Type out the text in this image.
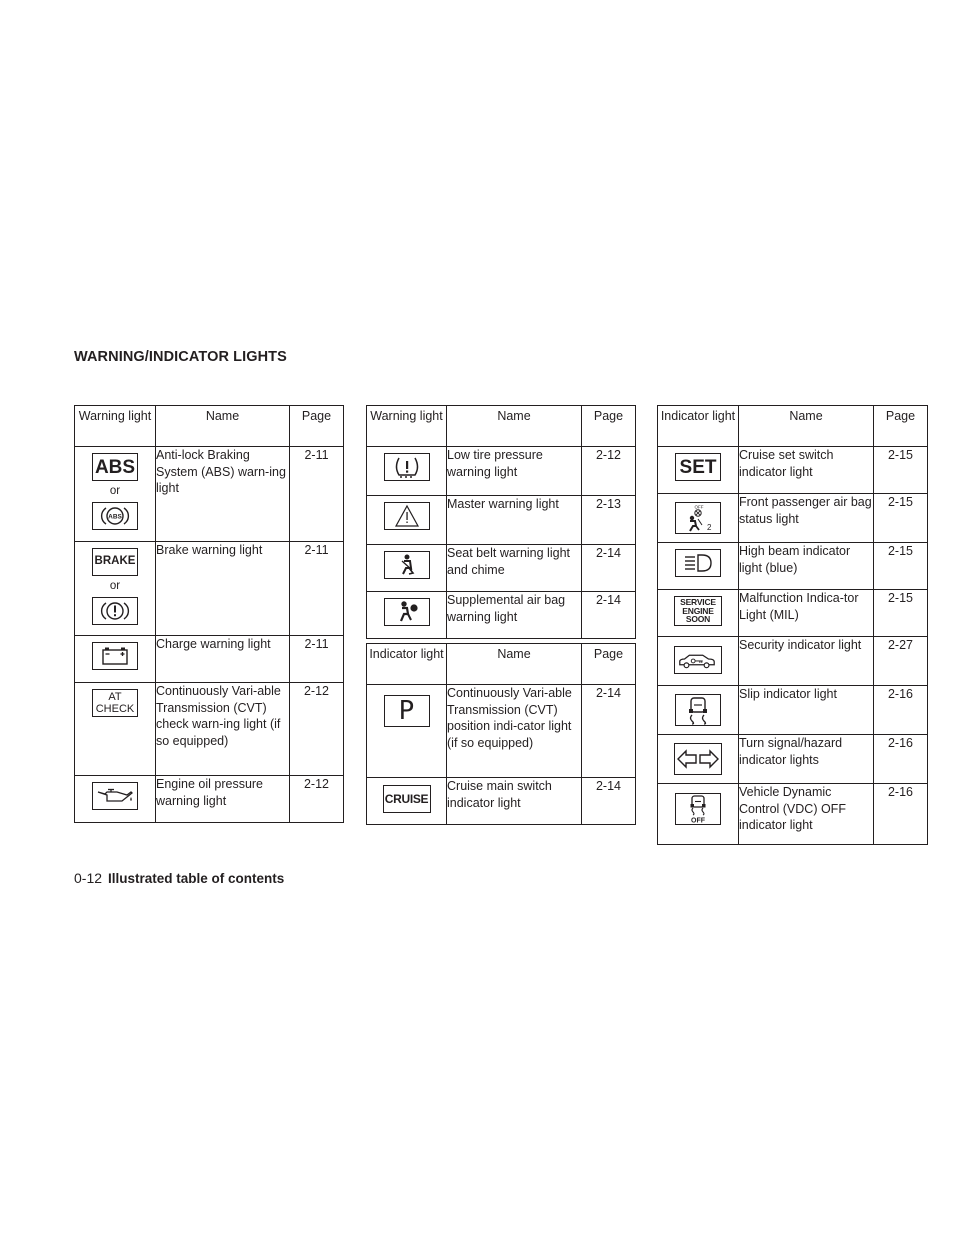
WARNING/INDICATOR LIGHTS
Warning light	Name	Page

ABS
or
ABS	Anti-lock Braking System (ABS) warn-ing light	2-11

BRAKE
or	Brake warning light	2-11

	Charge warning light	2-11

AT
CHECK	Continuously Vari-able Transmission (CVT) check warn-ing light (if so equipped)	2-12

	Engine oil pressure warning light	2-12
Warning light	Name	Page

	Low tire pressure warning light	2-12

	Master warning light	2-13

	Seat belt warning light and chime	2-14

	Supplemental air bag warning light	2-14
Indicator light	Name	Page

P	Continuously Vari-able Transmission (CVT) position indi-cator light (if so equipped)	2-14

CRUISE	Cruise main switch indicator light	2-14
Indicator light	Name	Page

SET	Cruise set switch indicator light	2-15

OFF
2	Front passenger air bag status light	2-15

	High beam indicator light (blue)	2-15

SERVICE
ENGINE
SOON	Malfunction Indica-tor Light (MIL)	2-15

	Security indicator light	2-27

	Slip indicator light	2-16

	Turn signal/hazard indicator lights	2-16

OFF	Vehicle Dynamic Control (VDC) OFF indicator light	2-16

0-12 Illustrated table of contents
